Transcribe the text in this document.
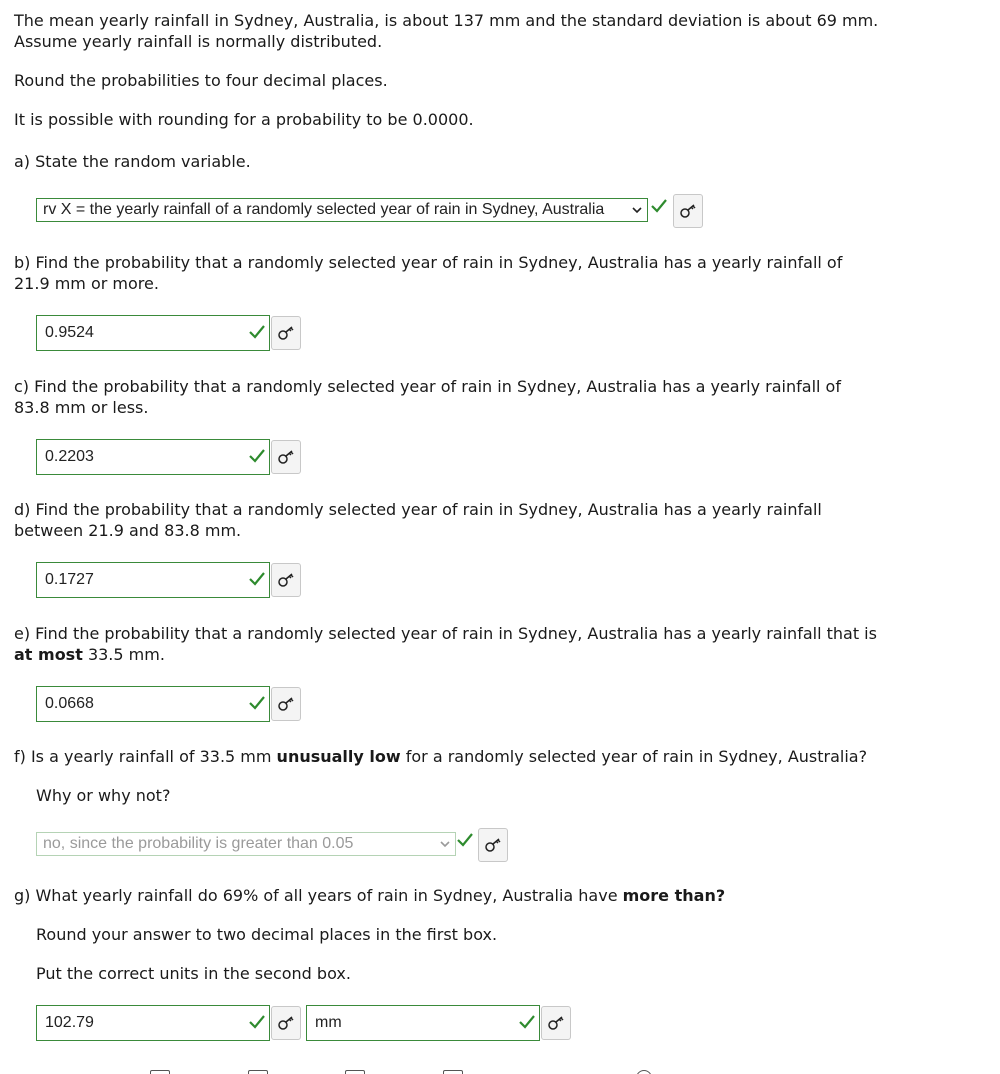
The mean yearly rainfall in Sydney, Australia, is about 137 mm and the standard deviation is about 69 mm.

Assume yearly rainfall is normally distributed.

Round the probabilities to four decimal places.

It is possible with rounding for a probability to be 0.0000.

a) State the random variable.

rv X = the yearly rainfall of a randomly selected year of rain in Sydney, Australia

b) Find the probability that a randomly selected year of rain in Sydney, Australia has a yearly rainfall of

21.9 mm or more.

0.9524

c) Find the probability that a randomly selected year of rain in Sydney, Australia has a yearly rainfall of

83.8 mm or less.

0.2203

d) Find the probability that a randomly selected year of rain in Sydney, Australia has a yearly rainfall

between 21.9 and 83.8 mm.

0.1727

e) Find the probability that a randomly selected year of rain in Sydney, Australia has a yearly rainfall that is

at most 33.5 mm.

0.0668

f) Is a yearly rainfall of 33.5 mm unusually low for a randomly selected year of rain in Sydney, Australia?

Why or why not?

no, since the probability is greater than 0.05

g) What yearly rainfall do 69% of all years of rain in Sydney, Australia have more than?

Round your answer to two decimal places in the first box.

Put the correct units in the second box.

102.79	mm
